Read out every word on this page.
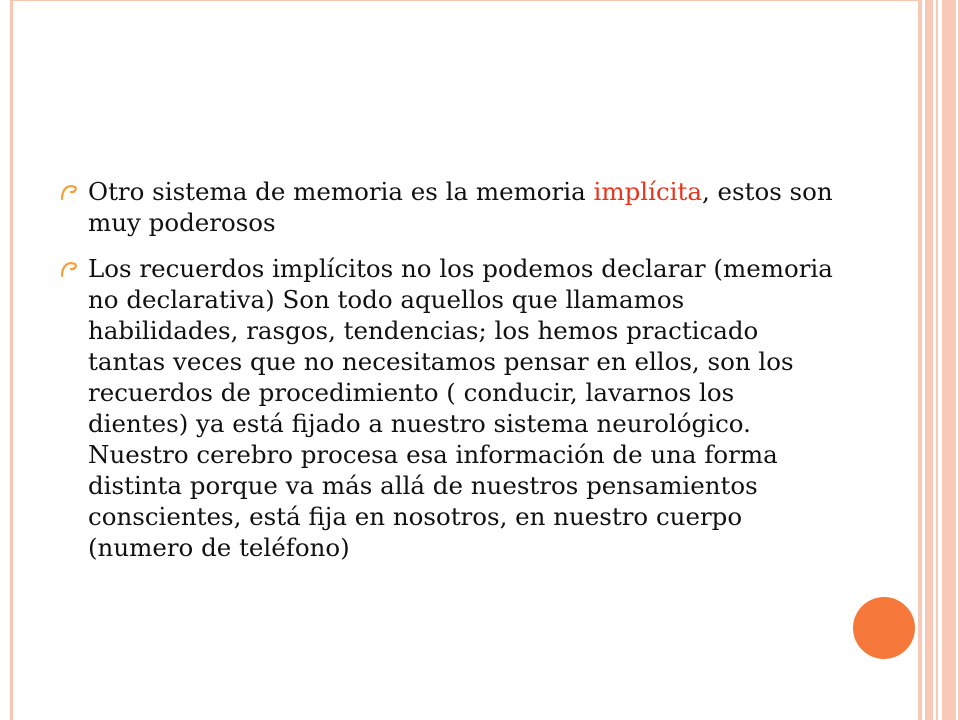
Otro sistema de memoria es la memoria implícita, estos son muy poderosos
Los recuerdos implícitos no los podemos declarar (memoria no declarativa) Son todo aquellos que llamamos habilidades, rasgos, tendencias; los hemos practicado tantas veces que no necesitamos pensar en ellos, son los recuerdos de procedimiento ( conducir, lavarnos los dientes) ya está fijado a nuestro sistema neurológico. Nuestro cerebro procesa esa información de una forma distinta porque va más allá de nuestros pensamientos conscientes, está fija en nosotros, en nuestro cuerpo (numero de teléfono)
